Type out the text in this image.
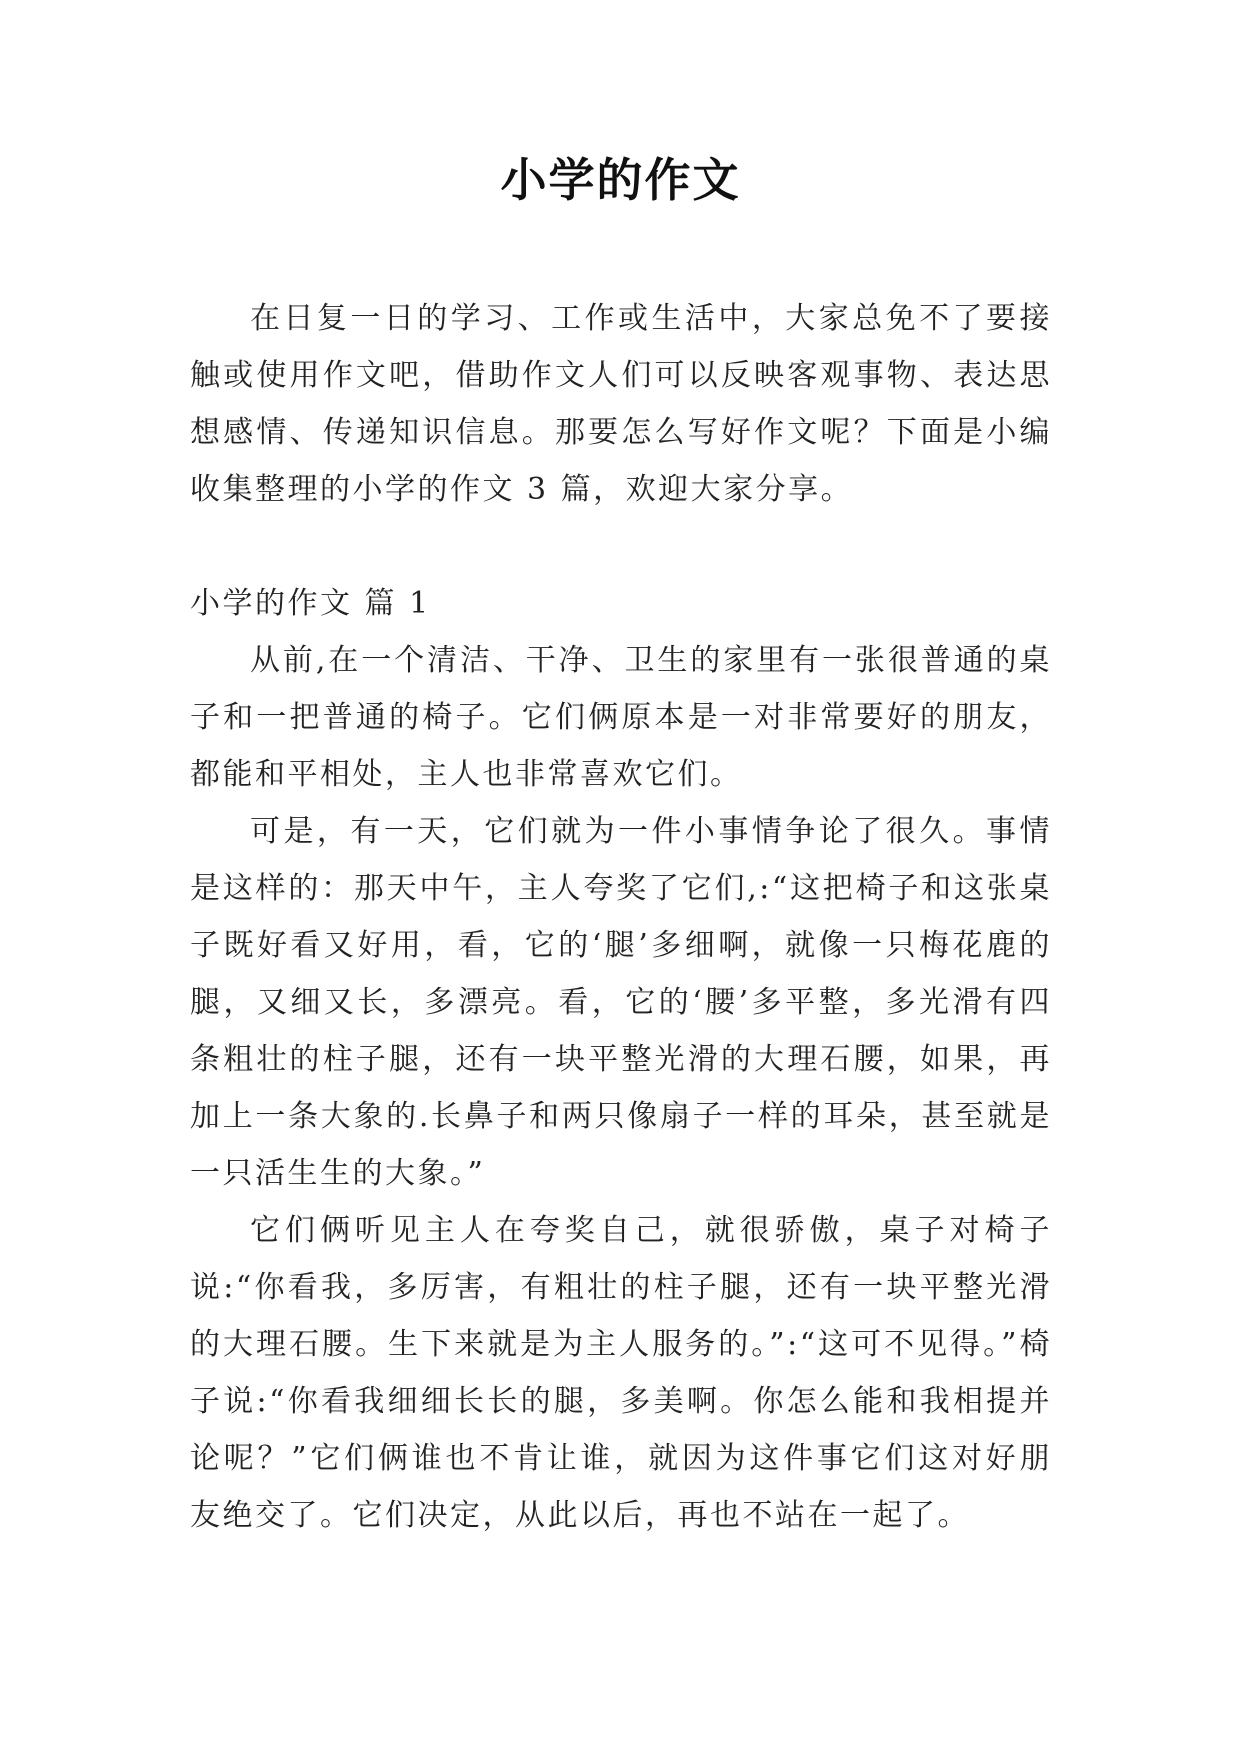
小学的作文

在日复一日的学习、工作或生活中，大家总免不了要接触或使用作文吧，借助作文人们可以反映客观事物、表达思想感情、传递知识信息。那要怎么写好作文呢？下面是小编收集整理的小学的作文 3 篇，欢迎大家分享。

小学的作文 篇 1

从前,在一个清洁、干净、卫生的家里有一张很普通的桌子和一把普通的椅子。它们俩原本是一对非常要好的朋友，都能和平相处，主人也非常喜欢它们。

可是，有一天，它们就为一件小事情争论了很久。事情是这样的：那天中午，主人夸奖了它们,:“这把椅子和这张桌子既好看又好用，看，它的‘腿’多细啊，就像一只梅花鹿的腿，又细又长，多漂亮。看，它的‘腰’多平整，多光滑有四条粗壮的柱子腿，还有一块平整光滑的大理石腰，如果，再加上一条大象的.长鼻子和两只像扇子一样的耳朵，甚至就是一只活生生的大象。”

它们俩听见主人在夸奖自己，就很骄傲，桌子对椅子说:“你看我，多厉害，有粗壮的柱子腿，还有一块平整光滑的大理石腰。生下来就是为主人服务的。”:“这可不见得。”椅子说:“你看我细细长长的腿，多美啊。你怎么能和我相提并论呢？”它们俩谁也不肯让谁，就因为这件事它们这对好朋友绝交了。它们决定，从此以后，再也不站在一起了。
